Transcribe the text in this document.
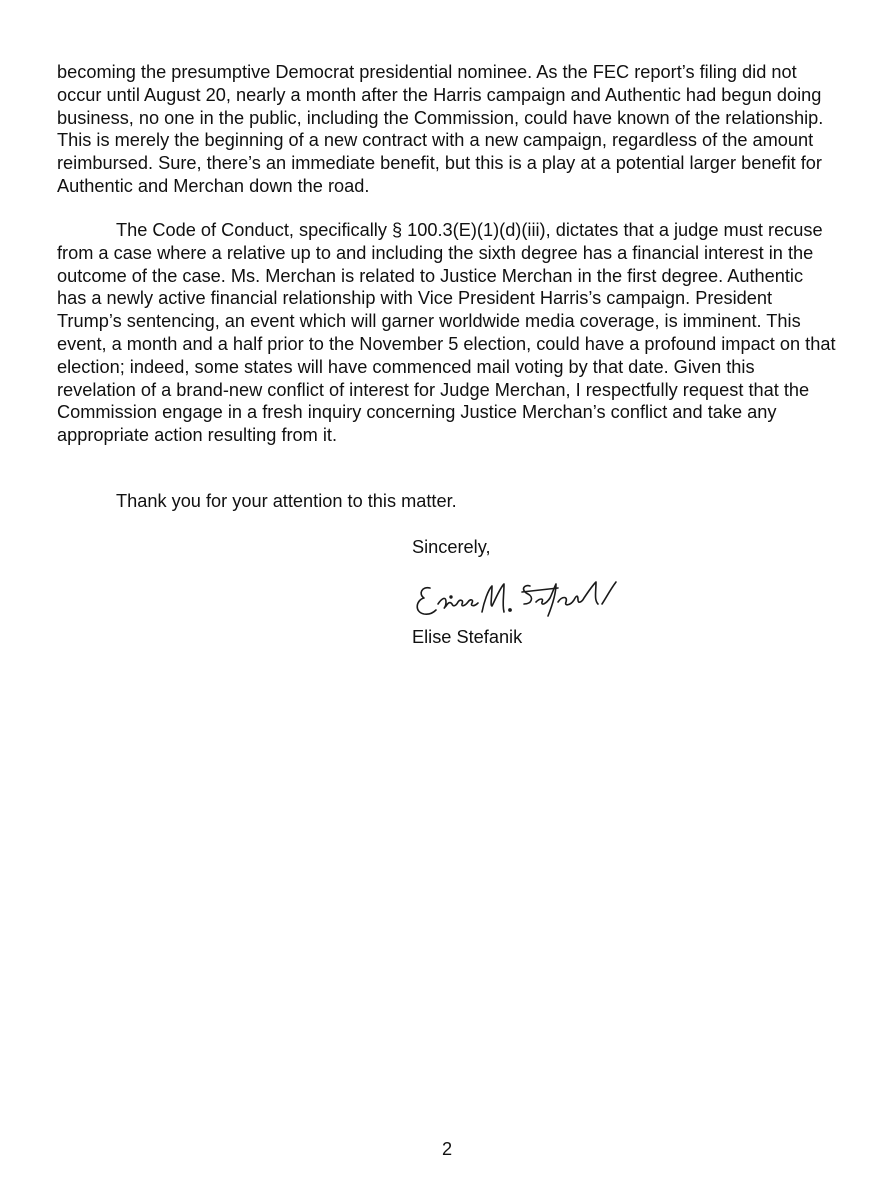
becoming the presumptive Democrat presidential nominee. As the FEC report’s filing did not occur until August 20, nearly a month after the Harris campaign and Authentic had begun doing business, no one in the public, including the Commission, could have known of the relationship. This is merely the beginning of a new contract with a new campaign, regardless of the amount reimbursed. Sure, there’s an immediate benefit, but this is a play at a potential larger benefit for Authentic and Merchan down the road.

The Code of Conduct, specifically § 100.3(E)(1)(d)(iii), dictates that a judge must recuse from a case where a relative up to and including the sixth degree has a financial interest in the outcome of the case. Ms. Merchan is related to Justice Merchan in the first degree. Authentic has a newly active financial relationship with Vice President Harris’s campaign. President Trump’s sentencing, an event which will garner worldwide media coverage, is imminent. This event, a month and a half prior to the November 5 election, could have a profound impact on that election; indeed, some states will have commenced mail voting by that date. Given this revelation of a brand-new conflict of interest for Judge Merchan, I respectfully request that the Commission engage in a fresh inquiry concerning Justice Merchan’s conflict and take any appropriate action resulting from it.

Thank you for your attention to this matter.

Sincerely,

Elise Stefanik

2
